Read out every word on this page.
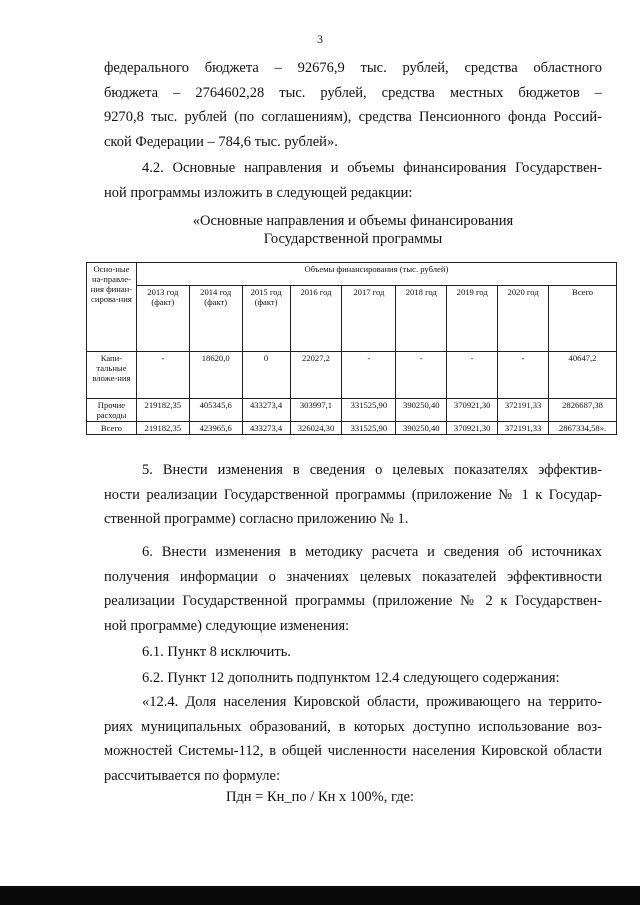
3

федерального бюджета – 92676,9 тыс. рублей, средства областного
бюджета – 2764602,28 тыс. рублей, средства местных бюджетов –
9270,8 тыс. рублей (по соглашениям), средства Пенсионного фонда Россий-
ской Федерации – 784,6 тыс. рублей».

4.2. Основные направления и объемы финансирования Государствен-
ной программы изложить в следующей редакции:

«Основные направления и объемы финансирования
Государственной программы
Осно-ные на-правле-ния финан-сирова-ния	Объемы финансирования (тыс. рублей)								
	2013 год (факт)	2014 год (факт)	2015 год (факт)	2016 год	2017 год	2018 год	2019 год	2020 год	Всего
Капи-тальные вложе-ния	-	18620,0	0	22027,2	-	-	-	-	40647,2
Прочие расходы	219182,35	405345,6	433273,4	303997,1	331525,90	390250,40	370921,30	372191,33	2826687,38
Всего	219182,35	423965,6	433273,4	326024,30	331525,90	390250,40	370921,30	372191,33	2867334,58».

5. Внести изменения в сведения о целевых показателях эффектив-
ности реализации Государственной программы (приложение № 1 к Государ-
ственной программе) согласно приложению № 1.

6. Внести изменения в методику расчета и сведения об источниках
получения информации о значениях целевых показателей эффективности
реализации Государственной программы (приложение № 2 к Государствен-
ной программе) следующие изменения:

6.1. Пункт 8 исключить.

6.2. Пункт 12 дополнить подпунктом 12.4 следующего содержания:

«12.4. Доля населения Кировской области, проживающего на террито-
риях муниципальных образований, в которых доступно использование воз-
можностей Системы-112, в общей численности населения Кировской области
рассчитывается по формуле:

Пдн = Кн_по / Кн x 100%, где:
